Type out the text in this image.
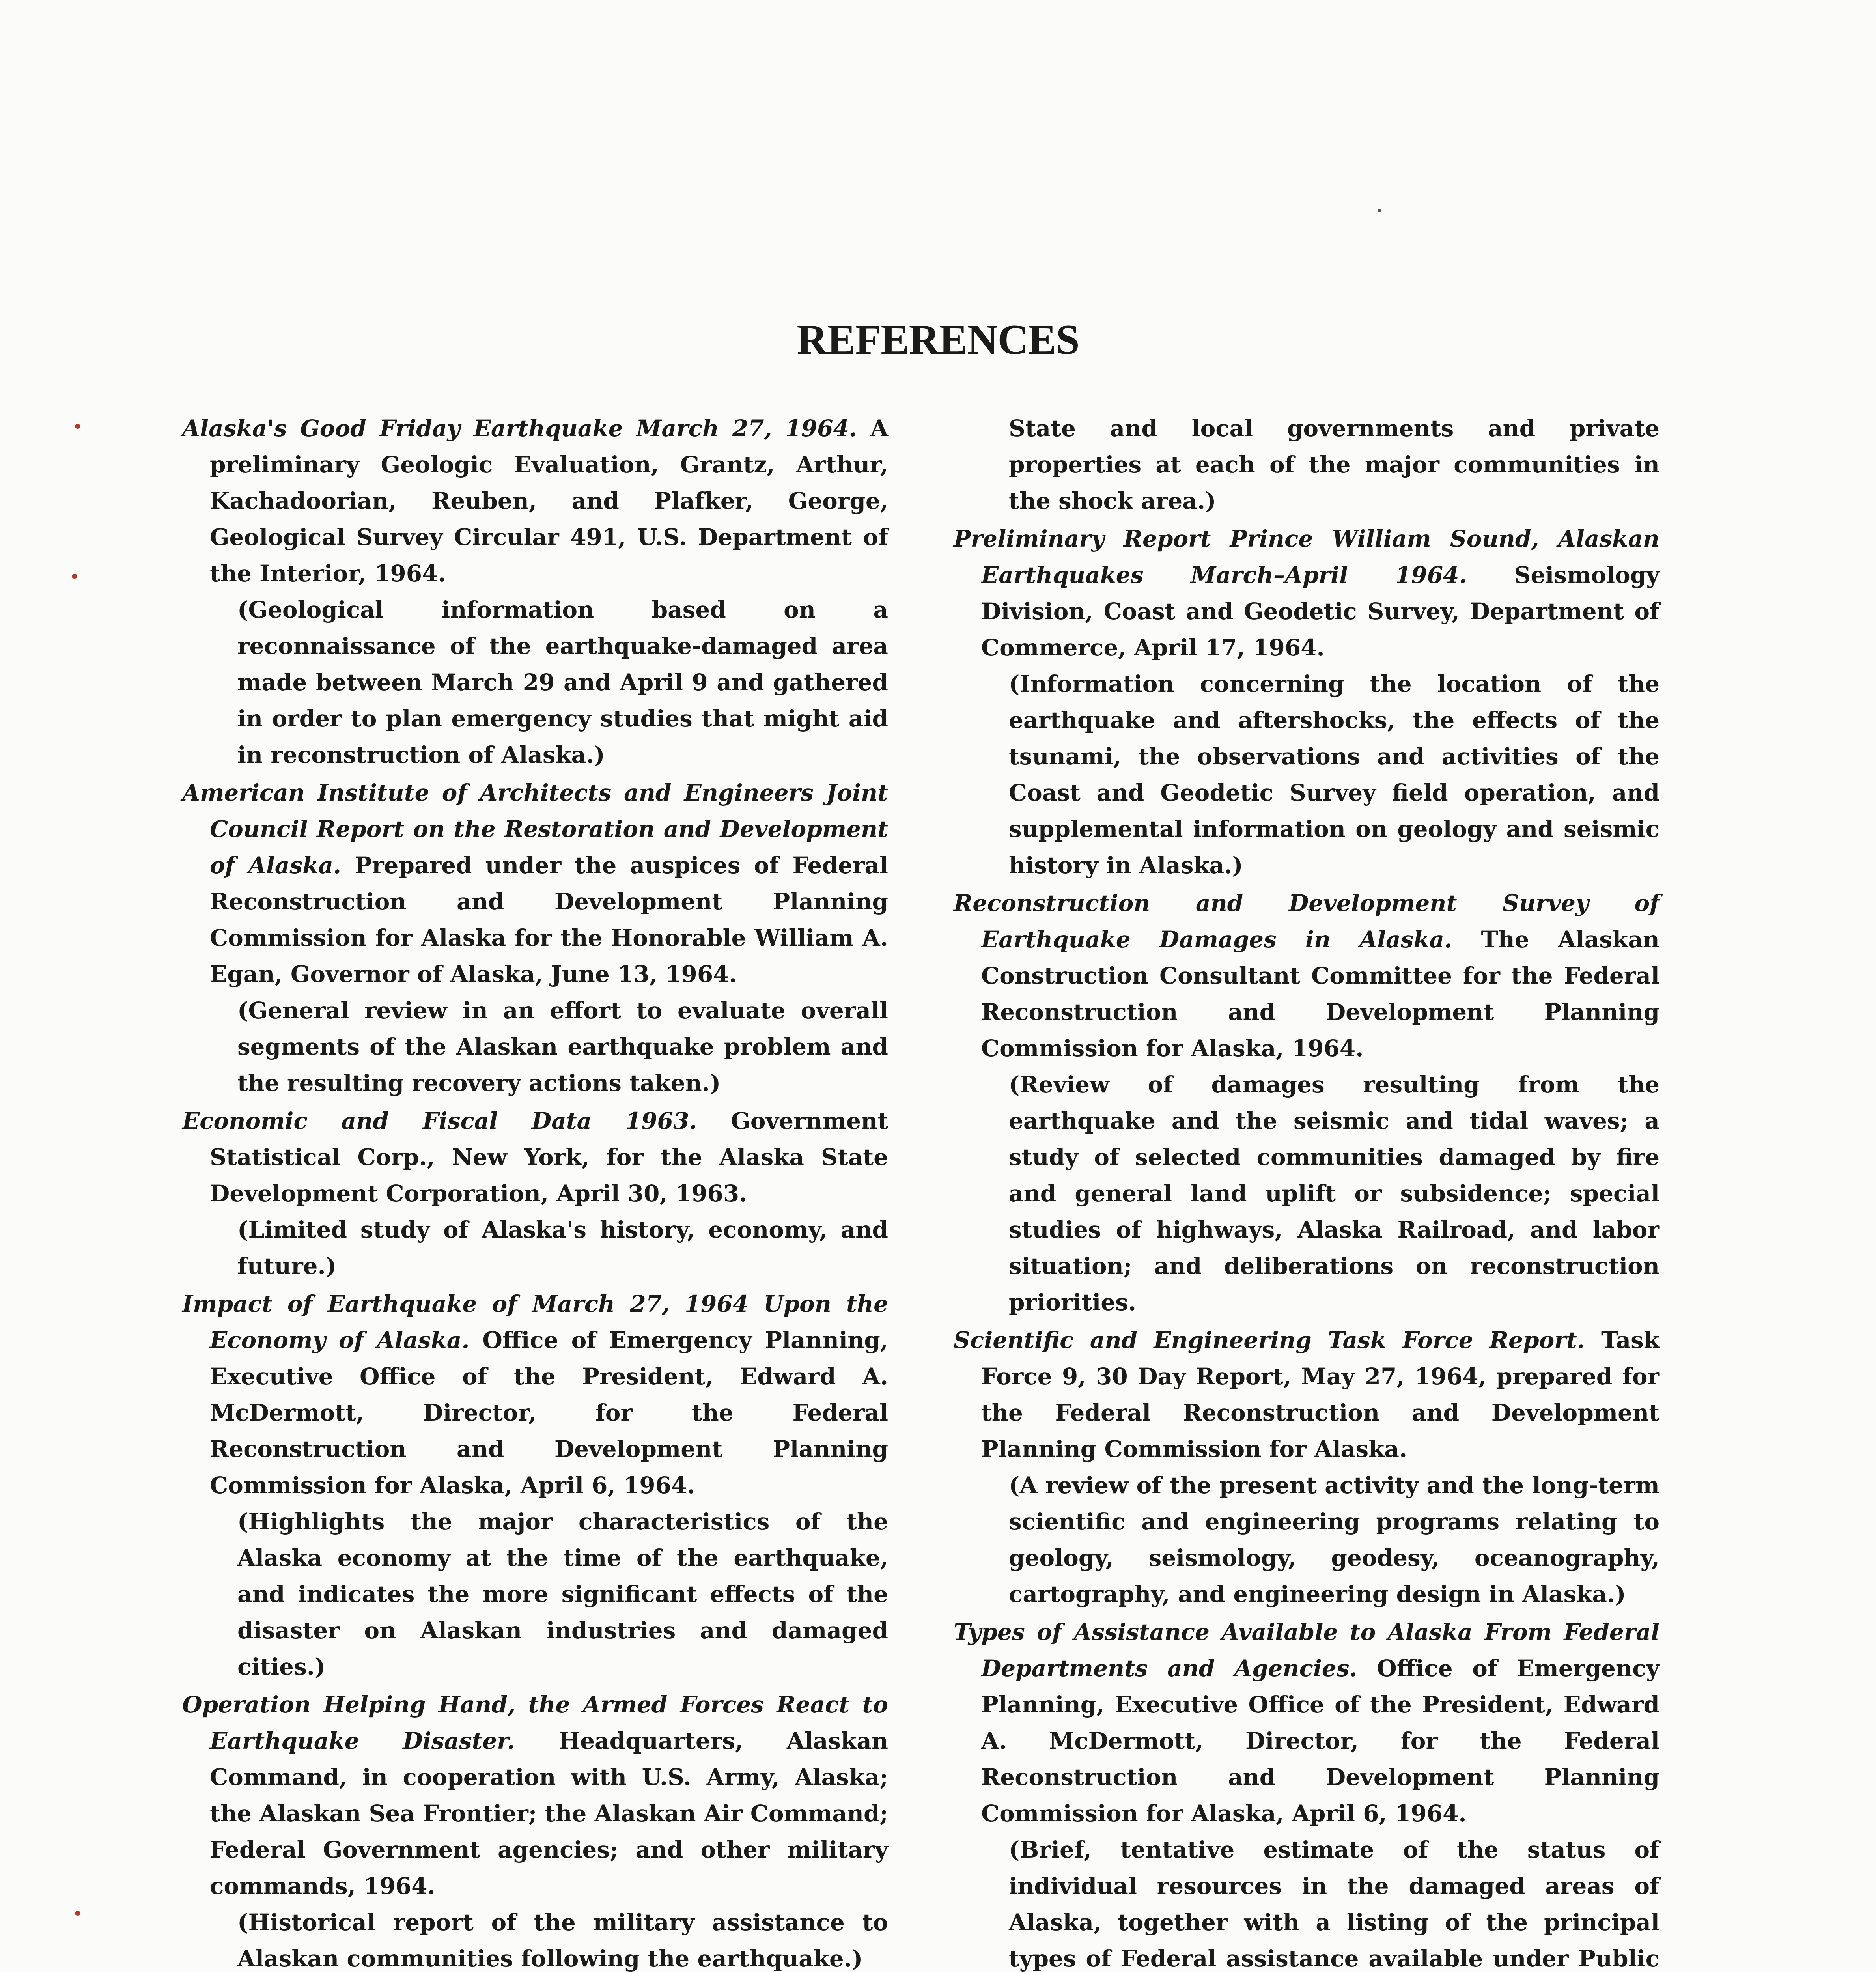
REFERENCES

Alaska's Good Friday Earthquake March 27, 1964. A preliminary Geologic Evaluation, Grantz, Arthur, Kachadoorian, Reuben, and Plafker, George, Geological Survey Circular 491, U.S. Department of the Interior, 1964.

(Geological information based on a reconnaissance of the earthquake-damaged area made between March 29 and April 9 and gathered in order to plan emergency studies that might aid in reconstruction of Alaska.)

American Institute of Architects and Engineers Joint Council Report on the Restoration and Development of Alaska. Prepared under the auspices of Federal Reconstruction and Development Planning Commission for Alaska for the Honorable William A. Egan, Governor of Alaska, June 13, 1964.

(General review in an effort to evaluate overall segments of the Alaskan earthquake problem and the resulting recovery actions taken.)

Economic and Fiscal Data 1963. Government Statistical Corp., New York, for the Alaska State Development Corporation, April 30, 1963.

(Limited study of Alaska's history, economy, and future.)

Impact of Earthquake of March 27, 1964 Upon the Economy of Alaska. Office of Emergency Planning, Executive Office of the President, Edward A. McDermott, Director, for the Federal Reconstruction and Development Planning Commission for Alaska, April 6, 1964.

(Highlights the major characteristics of the Alaska economy at the time of the earthquake, and indicates the more significant effects of the disaster on Alaskan industries and damaged cities.)

Operation Helping Hand, the Armed Forces React to Earthquake Disaster. Headquarters, Alaskan Command, in cooperation with U.S. Army, Alaska; the Alaskan Sea Frontier; the Alaskan Air Command; Federal Government agencies; and other military commands, 1964.

(Historical report of the military assistance to Alaskan communities following the earthquake.)

State and local governments and private properties at each of the major communities in the shock area.)

Preliminary Report Prince William Sound, Alaskan Earthquakes March–April 1964. Seismology Division, Coast and Geodetic Survey, Department of Commerce, April 17, 1964.

(Information concerning the location of the earthquake and aftershocks, the effects of the tsunami, the observations and activities of the Coast and Geodetic Survey field operation, and supplemental information on geology and seismic history in Alaska.)

Reconstruction and Development Survey of Earthquake Damages in Alaska. The Alaskan Construction Consultant Committee for the Federal Reconstruction and Development Planning Commission for Alaska, 1964.

(Review of damages resulting from the earthquake and the seismic and tidal waves; a study of selected communities damaged by fire and general land uplift or subsidence; special studies of highways, Alaska Railroad, and labor situation; and deliberations on reconstruction priorities.

Scientific and Engineering Task Force Report. Task Force 9, 30 Day Report, May 27, 1964, prepared for the Federal Reconstruction and Development Planning Commission for Alaska.

(A review of the present activity and the long-term scientific and engineering programs relating to geology, seismology, geodesy, oceanography, cartography, and engineering design in Alaska.)

Types of Assistance Available to Alaska From Federal Departments and Agencies. Office of Emergency Planning, Executive Office of the President, Edward A. McDermott, Director, for the Federal Reconstruction and Development Planning Commission for Alaska, April 6, 1964.

(Brief, tentative estimate of the status of individual resources in the damaged areas of Alaska, together with a listing of the principal types of Federal assistance available under Public
